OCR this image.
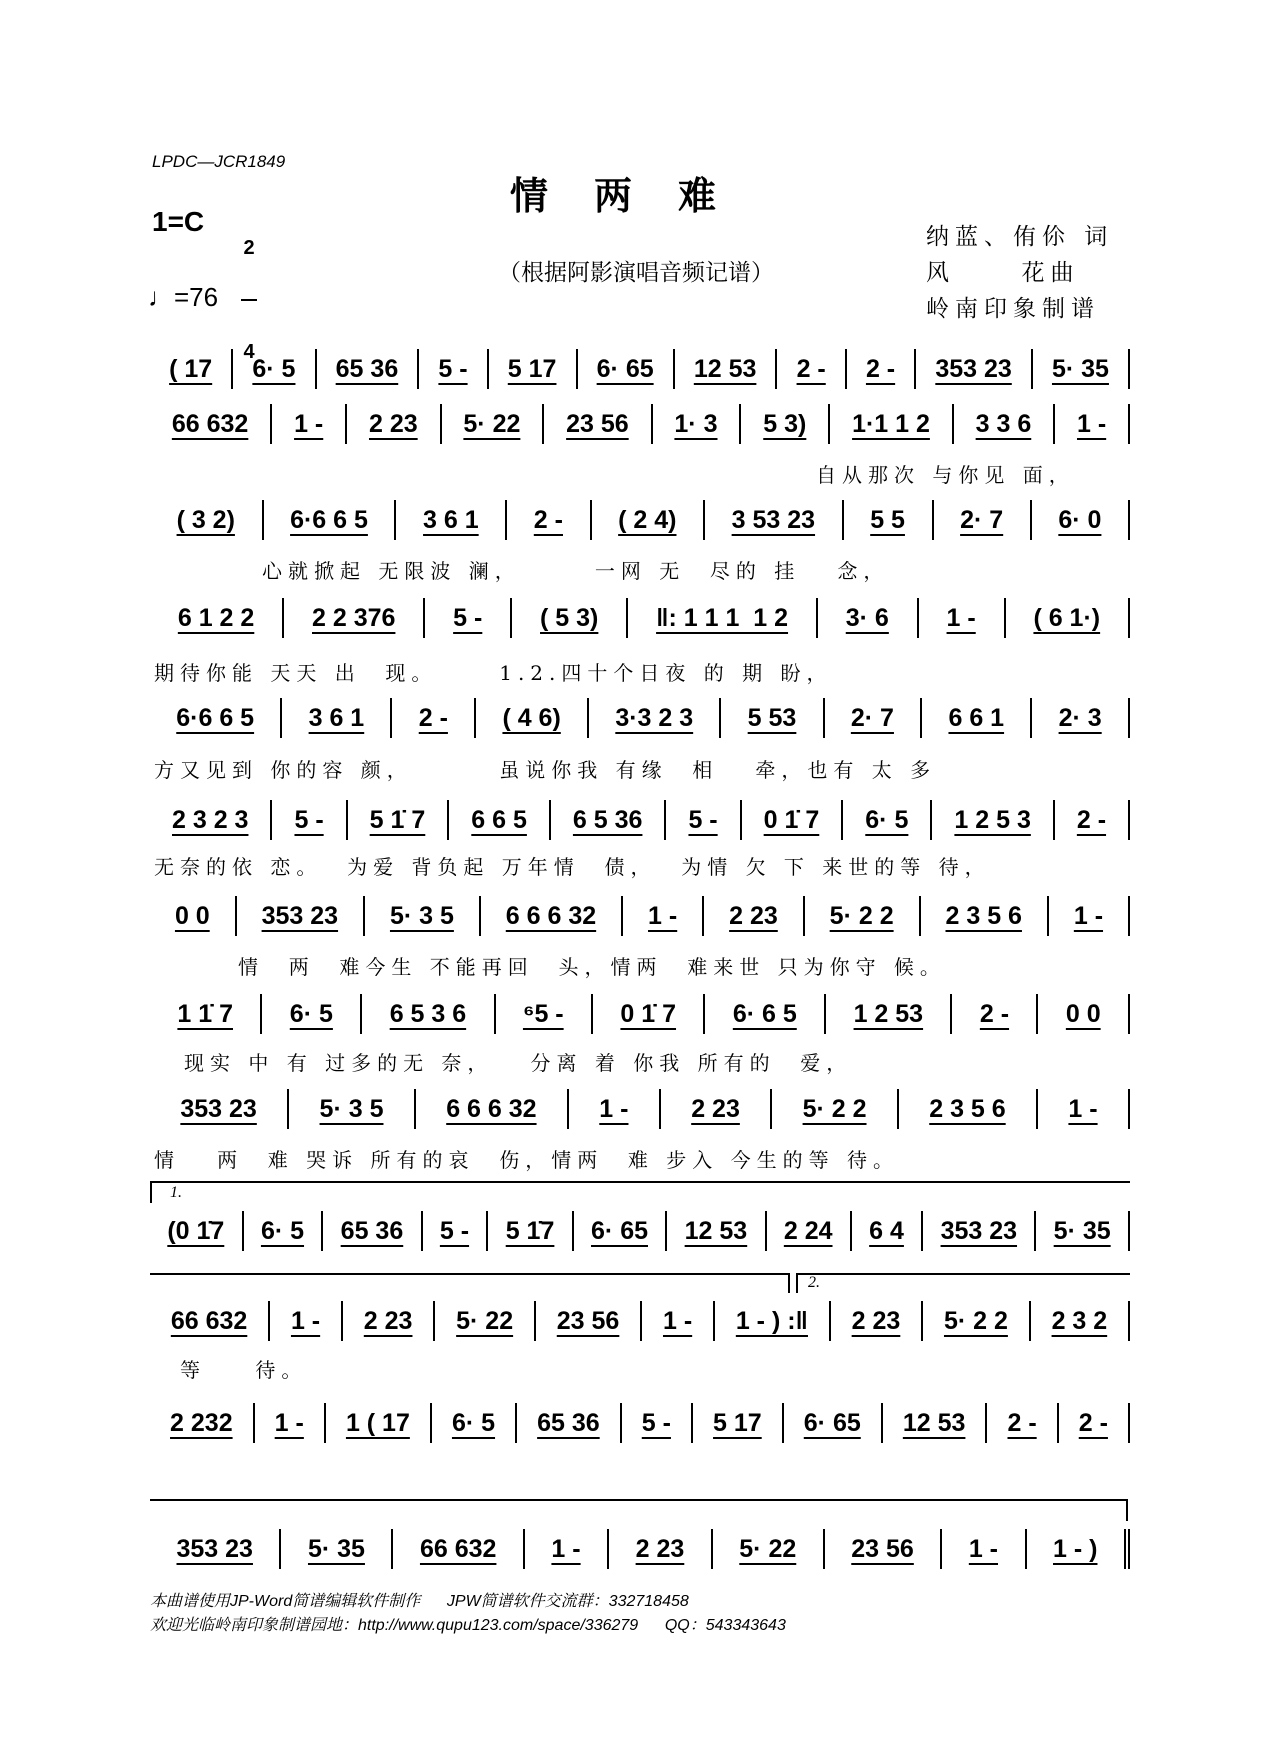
LPDC—JCR1849
情两难
1=C

2

4

♩=76
（根据阿影演唱音频记谱）
纳蓝、侑伱 词
风     花曲
岭南印象制谱
( 17	6· 5	65 36	5 -	5 17	6· 65	12 53	2 -	2 -	353 23	5· 35
66 632	1 -	2 23	5· 22	23 56	1· 3	5 3)	1·1 1 2	3 3 6	1 -
自从那次 与你见 面，
( 3 2)	6·6 6 5	3 6 1	2 -	( 2 4)	3 53 23	5 5	2· 7	6· 0
心就掀起 无限波 澜，      一网 无  尽的 挂   念，
6 1 2 2	2 2 376	5 -	( 5 3)	‖: 1 1 1  1 2	3· 6	1 -	( 6 1·)
期待你能 天天 出  现。     1.2.四十个日夜 的 期 盼，
6·6 6 5	3 6 1	2 -	( 4 6)	3·3 2 3	5 53	2· 7	6 6 1	2· 3
方又见到 你的容 颜，       虽说你我 有缘  相   牵，也有 太 多
2 3 2 3	5 -	5 1̇ 7	6 6 5	6 5 36	5 -	0 1̇ 7	6· 5	1 2 5 3	2 -
无奈的依 恋。  为爱 背负起 万年情  债，  为情 欠 下 来世的等 待，
0 0	353 23	5· 3 5	6 6 6 32	1 -	2 23	5· 2 2	2 3 5 6	1 -
情  两  难今生 不能再回  头，情两  难来世 只为你守 候。
1 1̇ 7	6· 5	6 5 3 6	⁶5 -	0 1̇ 7	6· 6 5	1 2 53	2 -	0 0
现实 中 有 过多的无 奈，   分离 着 你我 所有的  爱，
353 23	5· 3 5	6 6 6 32	1 -	2 23	5· 2 2	2 3 5 6	1 -
情   两  难 哭诉 所有的哀  伤，情两  难 步入 今生的等 待。
(0 1̇7	6· 5	65 36	5 -	5 1̇7	6· 65	12 53	2 24	6 4	353 23	5· 35
66 632	1 -	2 23	5· 22	23 56	1 -	1 - ) :‖	2 23	5· 2 2	2 3 2
2 232	1 -	1 ( 17	6· 5	65 36	5 -	5 17	6· 65	12 53	2 -	2 -
等    待。
353 23	5· 35	66 632	1 -	2 23	5· 22	23 56	1 -	1 - )
1.
2.
本曲谱使用JP-Word简谱编辑软件制作      JPW简谱软件交流群：332718458
欢迎光临岭南印象制谱园地：http://www.qupu123.com/space/336279      QQ：543343643
